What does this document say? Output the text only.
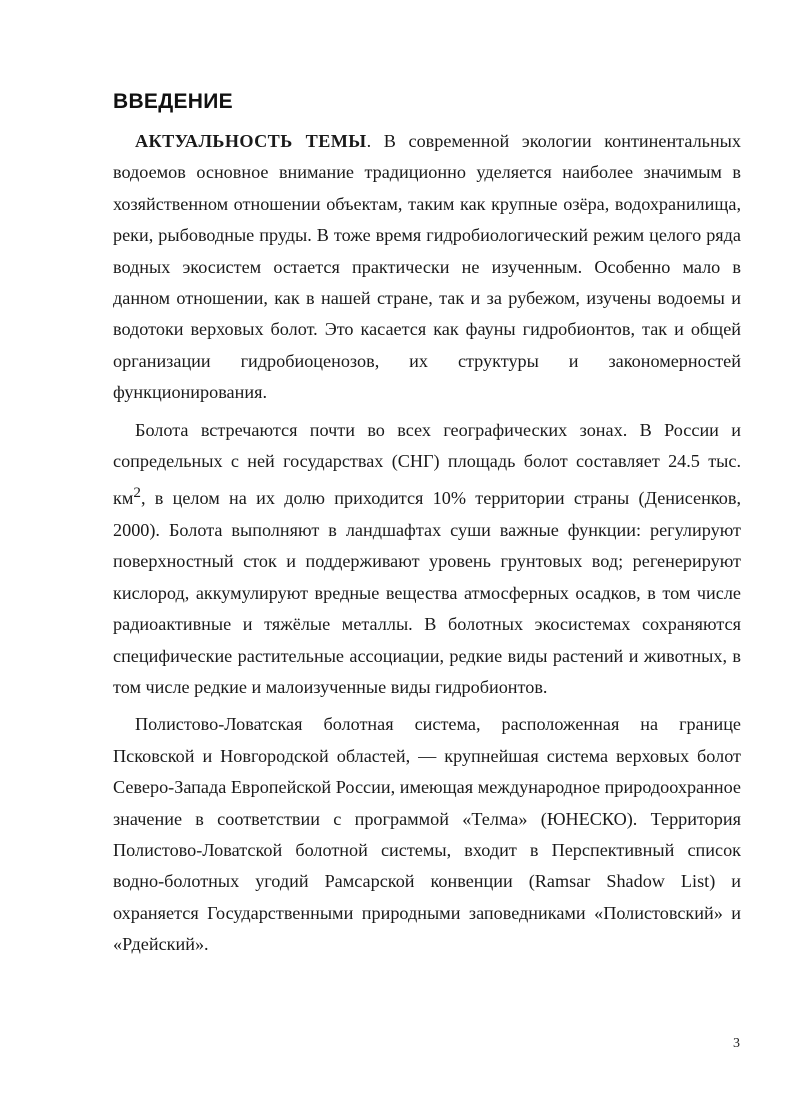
ВВЕДЕНИЕ

АКТУАЛЬНОСТЬ ТЕМЫ. В современной экологии континентальных водоемов основное внимание традиционно уделяется наиболее значимым в хозяйственном отношении объектам, таким как крупные озёра, водохранилища, реки, рыбоводные пруды. В тоже время гидробиологический режим целого ряда водных экосистем остается практически не изученным. Особенно мало в данном отношении, как в нашей стране, так и за рубежом, изучены водоемы и водотоки верховых болот. Это касается как фауны гидробионтов, так и общей организации гидробиоценозов, их структуры и закономерностей функционирования.

Болота встречаются почти во всех географических зонах. В России и сопредельных с ней государствах (СНГ) площадь болот составляет 24.5 тыс. $км^2$, в целом на их долю приходится 10% территории страны (Денисенков, 2000). Болота выполняют в ландшафтах суши важные функции: регулируют поверхностный сток и поддерживают уровень грунтовых вод; регенерируют кислород, аккумулируют вредные вещества атмосферных осадков, в том числе радиоактивные и тяжёлые металлы. В болотных экосистемах сохраняются специфические растительные ассоциации, редкие виды растений и животных, в том числе редкие и малоизученные виды гидробионтов.

Полистово-Ловатская болотная система, расположенная на границе Псковской и Новгородской областей, — крупнейшая система верховых болот Северо-Запада Европейской России, имеющая международное природоохранное значение в соответствии с программой «Телма» (ЮНЕСКО). Территория Полистово-Ловатской болотной системы, входит в Перспективный список водно-болотных угодий Рамсарской конвенции (Ramsar Shadow List) и охраняется Государственными природными заповедниками «Полистовский» и «Рдейский».

3
